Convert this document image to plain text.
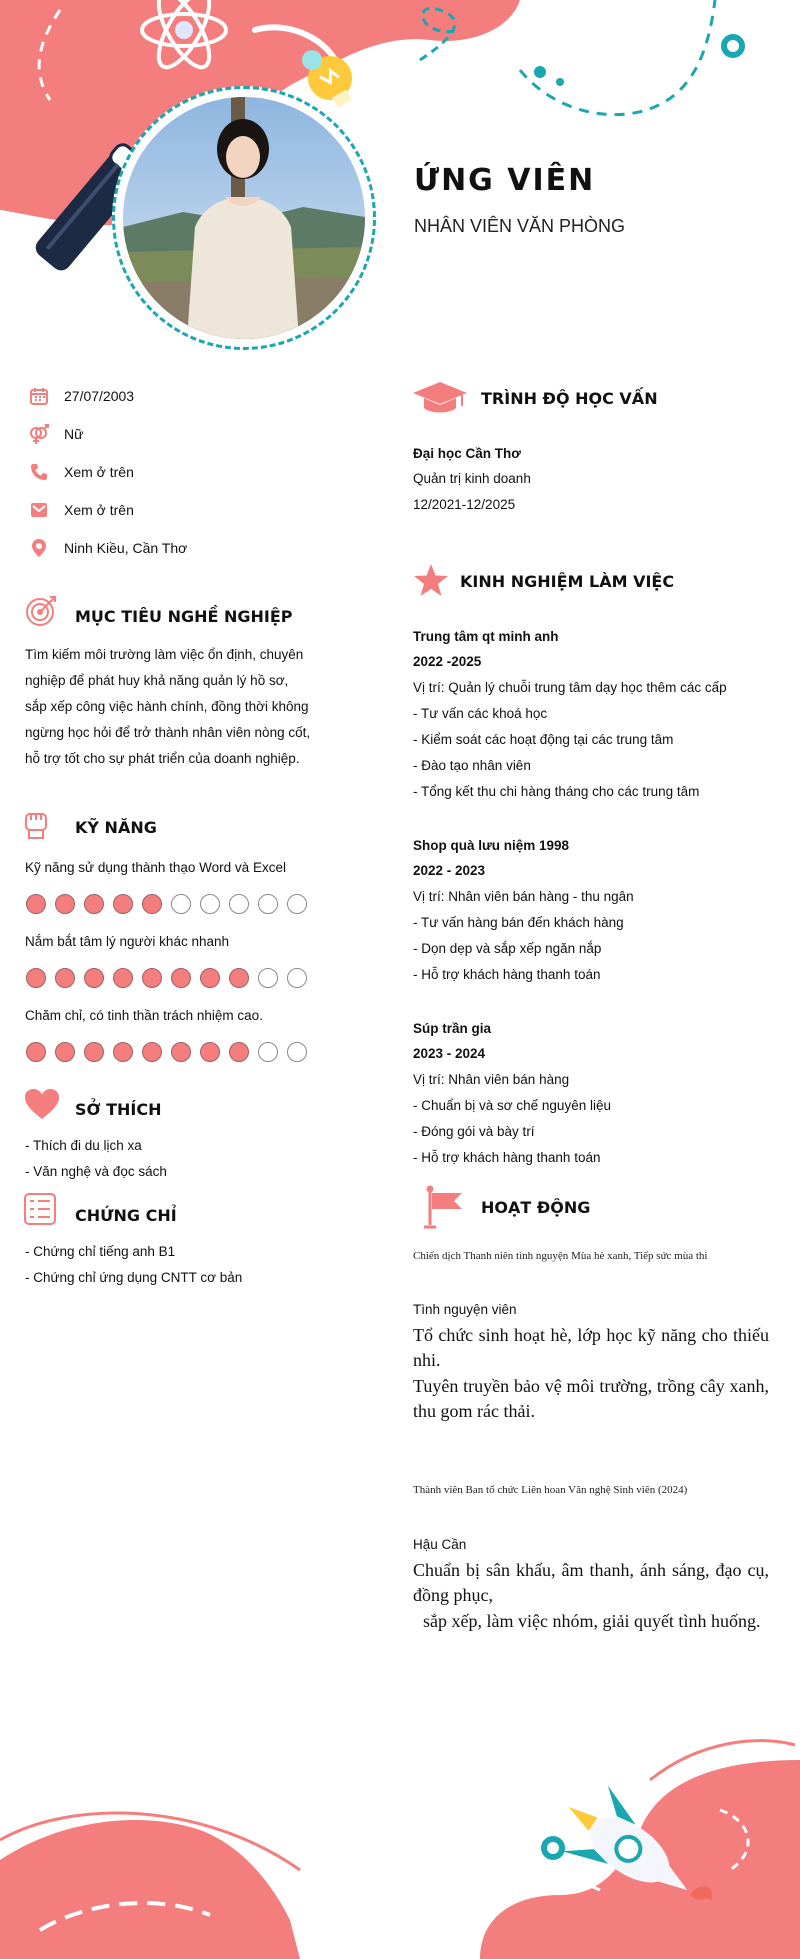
ỨNG VIÊN

NHÂN VIÊN VĂN PHÒNG

27/07/2003
Nữ
Xem ở trên
Xem ở trên
Ninh Kiều, Cần Thơ
MỤC TIÊU NGHỀ NGHIỆP

Tìm kiếm môi trường làm việc ổn định, chuyên
nghiệp để phát huy khả năng quản lý hồ sơ,
sắp xếp công việc hành chính, đồng thời không
ngừng học hỏi để trở thành nhân viên nòng cốt,
hỗ trợ tốt cho sự phát triển của doanh nghiệp.

KỸ NĂNG

Kỹ năng sử dụng thành thạo Word và Excel

Nắm bắt tâm lý người khác nhanh

Chăm chỉ, có tinh thần trách nhiệm cao.

SỞ THÍCH

- Thích đi du lịch xa

- Văn nghệ và đọc sách

CHỨNG CHỈ

- Chứng chỉ tiếng anh B1

- Chứng chỉ ứng dụng CNTT cơ bản

TRÌNH ĐỘ HỌC VẤN

Đại học Cần Thơ

Quản trị kinh doanh

12/2021-12/2025

KINH NGHIỆM LÀM VIỆC

Trung tâm qt minh anh

2022 -2025

Vị trí: Quản lý chuỗi trung tâm dạy học thêm các cấp

- Tư vấn các khoá học

- Kiểm soát các hoạt động tại các trung tâm

- Đào tạo nhân viên

- Tổng kết thu chi hàng tháng cho các trung tâm

Shop quà lưu niệm 1998

2022 - 2023

Vị trí: Nhân viên bán hàng - thu ngân

- Tư vấn hàng bán đến khách hàng

- Dọn dẹp và sắp xếp ngăn nắp

- Hỗ trợ khách hàng thanh toán

Súp trần gia

2023 - 2024

Vị trí: Nhân viên bán hàng

- Chuẩn bị và sơ chế nguyên liệu

- Đóng gói và bày trí

- Hỗ trợ khách hàng thanh toán

HOẠT ĐỘNG

Chiến dịch Thanh niên tình nguyện Mùa hè xanh, Tiếp sức mùa thi

Tình nguyện viên

Tổ chức sinh hoạt hè, lớp học kỹ năng cho thiếu nhi.

Tuyên truyền bảo vệ môi trường, trồng cây xanh, thu gom rác thải.

Thành viên Ban tổ chức Liên hoan Văn nghệ Sinh viên (2024)

Hậu Cần

Chuẩn bị sân khấu, âm thanh, ánh sáng, đạo cụ, đồng phục,

sắp xếp, làm việc nhóm, giải quyết tình huống.
